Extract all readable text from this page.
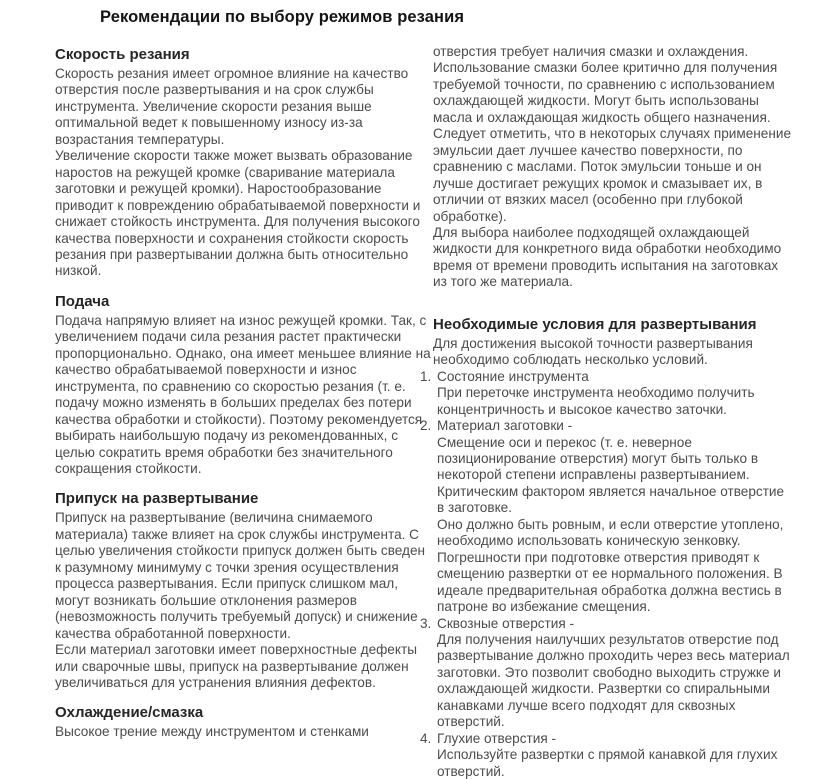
Рекомендации по выбору режимов резания
Скорость резания

Скорость резания имеет огромное влияние на качество отверстия после развертывания и на срок службы инструмента. Увеличение скорости резания выше оптимальной ведет к повышенному износу из-за возрастания температуры.

Увеличение скорости также может вызвать образование наростов на режущей кромке (сваривание материала заготовки и режущей кромки). Наростообразование приводит к повреждению обрабатываемой поверхности и снижает стойкость инструмента. Для получения высокого качества поверхности и сохранения стойкости скорость резания при развертывании должна быть относительно низкой.

Подача

Подача напрямую влияет на износ режущей кромки. Так, с увеличением подачи сила резания растет практически пропорционально. Однако, она имеет меньшее влияние на качество обрабатываемой поверхности и износ инструмента, по сравнению со скоростью резания (т. е. подачу можно изменять в больших пределах без потери качества обработки и стойкости). Поэтому рекомендуется выбирать наибольшую подачу из рекомендованных, с целью сократить время обработки без значительного сокращения стойкости.

Припуск на развертывание

Припуск на развертывание (величина снимаемого материала) также влияет на срок службы инструмента. С целью увеличения стойкости припуск должен быть сведен к разумному минимуму с точки зрения осуществления процесса развертывания. Если припуск слишком мал, могут возникать большие отклонения размеров (невозможность получить требуемый допуск) и снижение качества обработанной поверхности.

Если материал заготовки имеет поверхностные дефекты или сварочные швы, припуск на развертывание должен увеличиваться для устранения влияния дефектов.

Охлаждение/смазка

Высокое трение между инструментом и стенками

отверстия требует наличия смазки и охлаждения. Использование смазки более критично для получения требуемой точности, по сравнению с использованием охлаждающей жидкости. Могут быть использованы масла и охлаждающая жидкость общего назначения. Следует отметить, что в некоторых случаях применение эмульсии дает лучшее качество поверхности, по сравнению с маслами. Поток эмульсии тоньше и он лучше достигает режущих кромок и смазывает их, в отличии от вязких масел (особенно при глубокой обработке).

Для выбора наиболее подходящей охлаждающей жидкости для конкретного вида обработки необходимо время от времени проводить испытания на заготовках из того же материала.

Необходимые условия для развертывания

Для достижения высокой точности развертывания необходимо соблюдать несколько условий.

1. Состояние инструмента

При переточке инструмента необходимо получить концентричность и высокое качество заточки.

2. Материал заготовки -

Смещение оси и перекос (т. е. неверное позиционирование отверстия) могут быть только в некоторой степени исправлены развертыванием. Критическим фактором является начальное отверстие в заготовке.

Оно должно быть ровным, и если отверстие утоплено, необходимо использовать коническую зенковку. Погрешности при подготовке отверстия приводят к смещению развертки от ее нормального положения. В идеале предварительная обработка должна вестись в патроне во избежание смещения.

3. Сквозные отверстия -

Для получения наилучших результатов отверстие под развертывание должно проходить через весь материал заготовки. Это позволит свободно выходить стружке и охлаждающей жидкости. Развертки со спиральными канавками лучше всего подходят для сквозных отверстий.

4. Глухие отверстия -

Используйте развертки с прямой канавкой для глухих отверстий.
